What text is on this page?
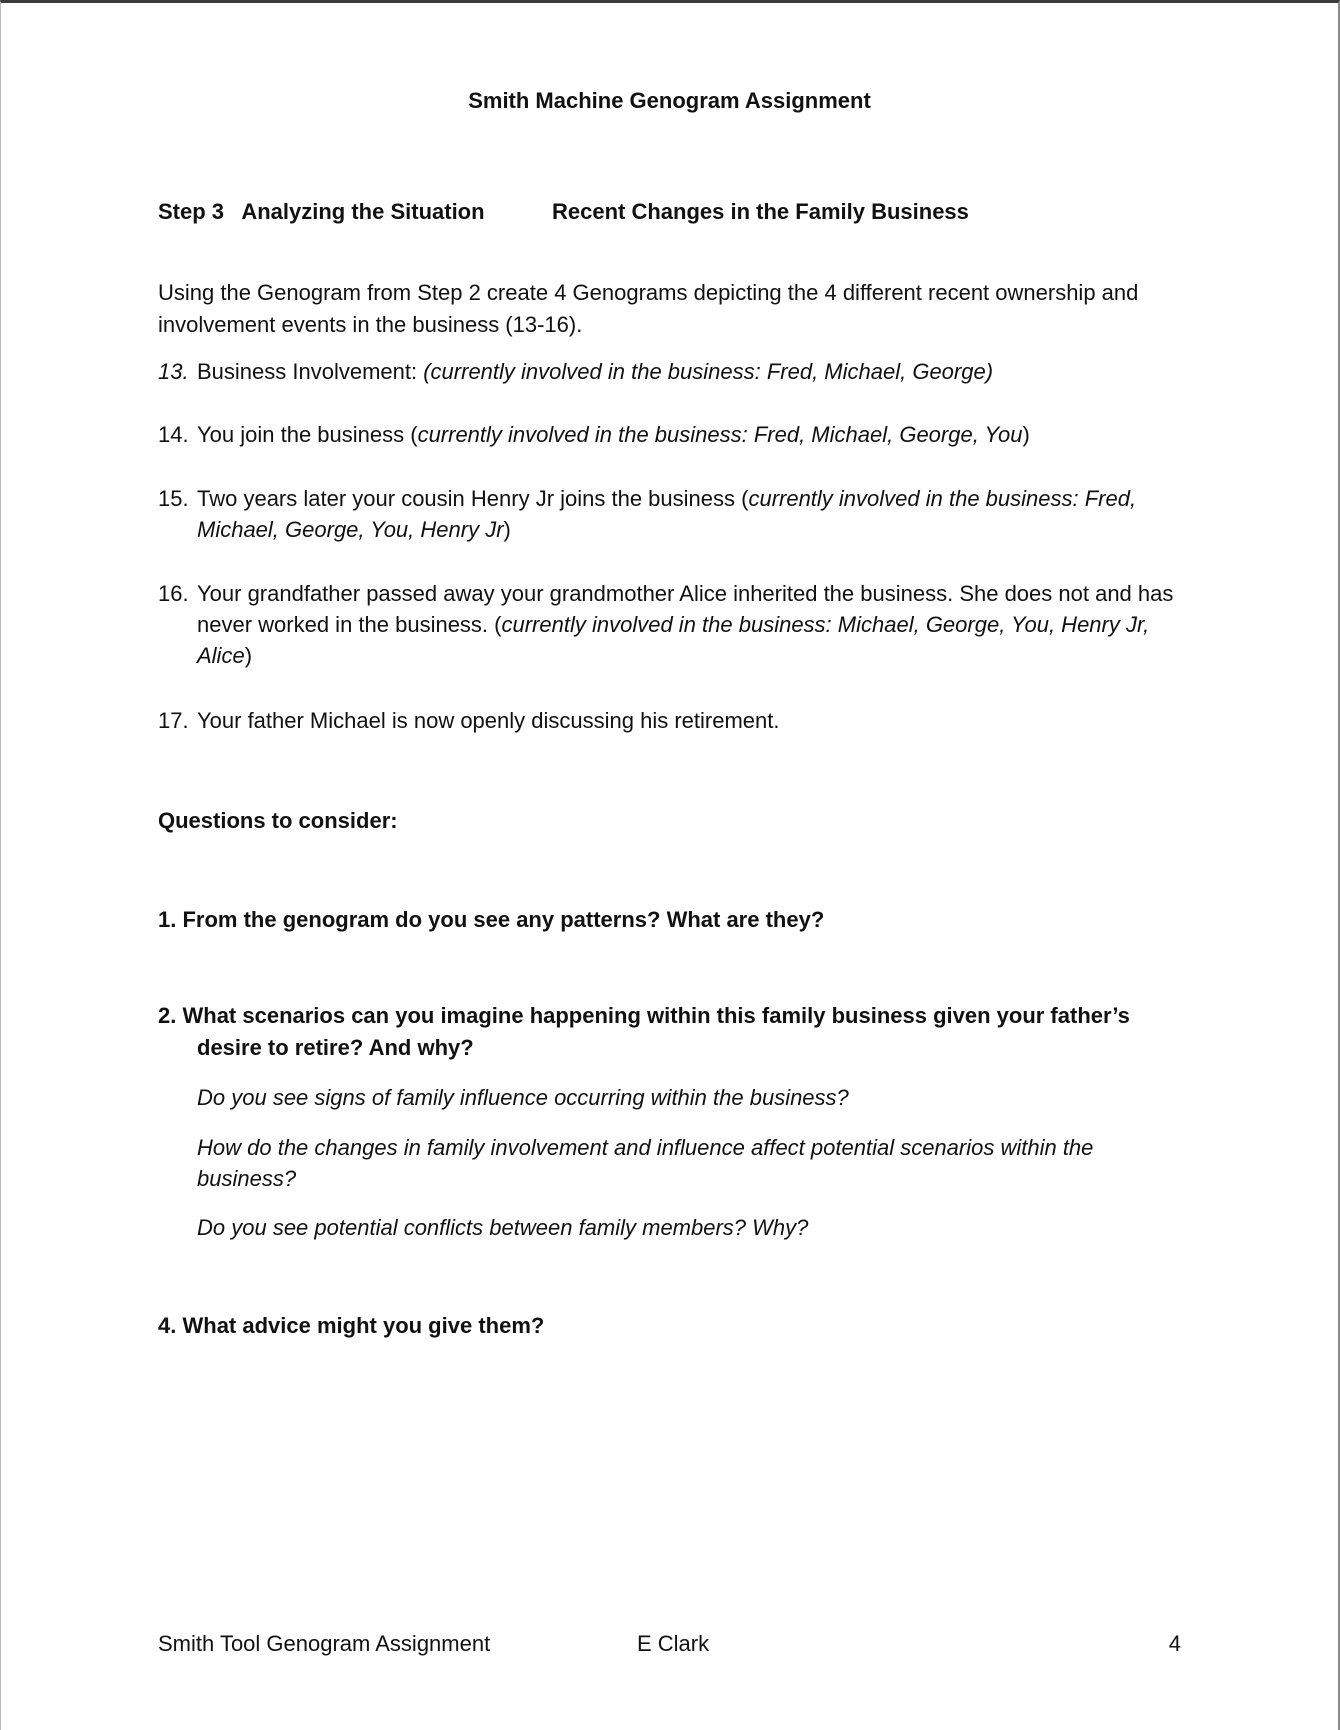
Smith Machine Genogram Assignment
Step 3 Analyzing the Situation	Recent Changes in the Family Business
Using the Genogram from Step 2 create 4 Genograms depicting the 4 different recent ownership and involvement events in the business (13-16).
13. Business Involvement: (currently involved in the business: Fred, Michael, George)
14. You join the business (currently involved in the business: Fred, Michael, George, You)
15. Two years later your cousin Henry Jr joins the business (currently involved in the business: Fred, Michael, George, You, Henry Jr)
16. Your grandfather passed away your grandmother Alice inherited the business. She does not and has never worked in the business. (currently involved in the business: Michael, George, You, Henry Jr, Alice)
17. Your father Michael is now openly discussing his retirement.
Questions to consider:
1. From the genogram do you see any patterns? What are they?
2. What scenarios can you imagine happening within this family business given your father’s desire to retire? And why?
Do you see signs of family influence occurring within the business?
How do the changes in family involvement and influence affect potential scenarios within the business?
Do you see potential conflicts between family members? Why?
4. What advice might you give them?
Smith Tool Genogram Assignment	E Clark	4
